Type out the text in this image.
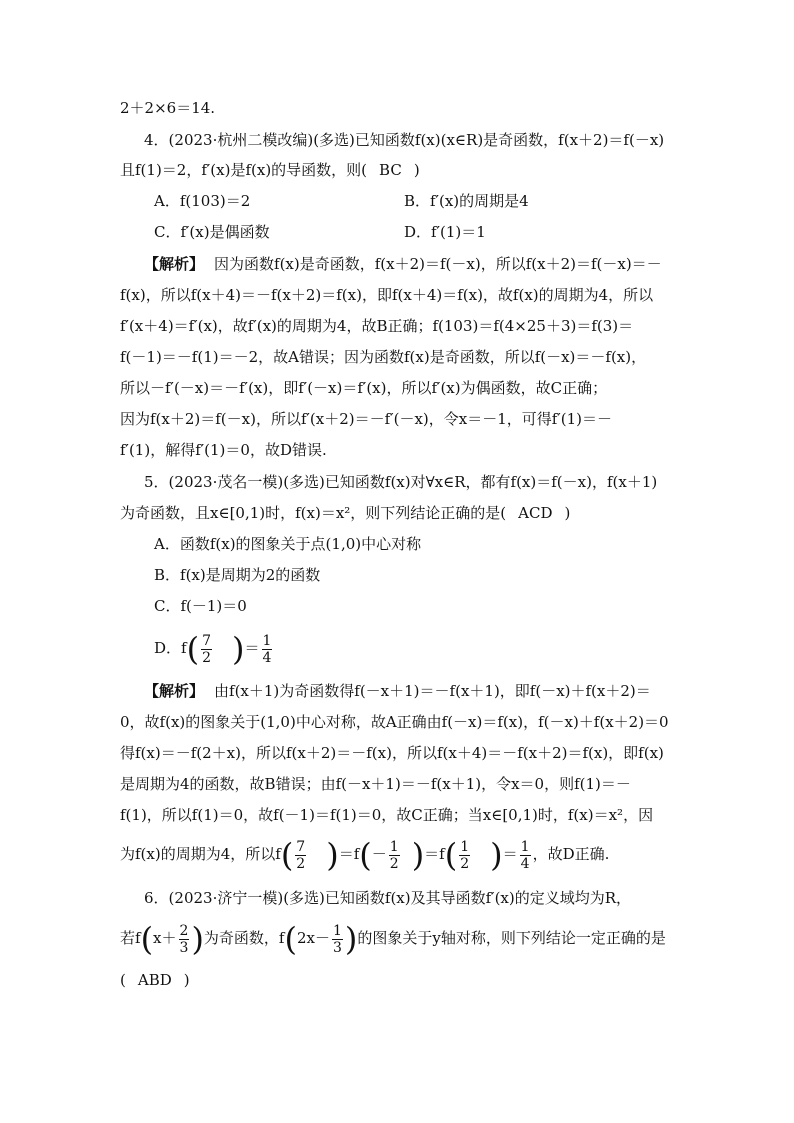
2＋2×6＝14.
4．(2023·杭州二模改编)(多选)已知函数f(x)(x∈R)是奇函数，f(x＋2)＝f(－x)
且f(1)＝2，f′(x)是f(x)的导函数，则( BC )
A．f(103)＝2	B．f′(x)的周期是4
C．f′(x)是偶函数	D．f′(1)＝1
【解析】 因为函数f(x)是奇函数，f(x＋2)＝f(－x)，所以f(x＋2)＝f(－x)＝－
f(x)，所以f(x＋4)＝－f(x＋2)＝f(x)，即f(x＋4)＝f(x)，故f(x)的周期为4，所以
f′(x＋4)＝f′(x)，故f′(x)的周期为4，故B正确；f(103)＝f(4×25＋3)＝f(3)＝
f(－1)＝－f(1)＝－2，故A错误；因为函数f(x)是奇函数，所以f(－x)＝－f(x)，
所以－f′(－x)＝－f′(x)，即f′(－x)＝f′(x)，所以f′(x)为偶函数，故C正确；
因为f(x＋2)＝f(－x)，所以f′(x＋2)＝－f′(－x)，令x＝－1，可得f′(1)＝－
f′(1)，解得f′(1)＝0，故D错误.
5．(2023·茂名一模)(多选)已知函数f(x)对∀x∈R，都有f(x)＝f(－x)，f(x＋1)
为奇函数，且x∈[0,1)时，f(x)＝x²，则下列结论正确的是( ACD )
A．函数f(x)的图象关于点(1,0)中心对称
B．f(x)是周期为2的函数
C．f(－1)＝0
D．$f( \frac{7}{2}$ )＝ $\frac{1}{4}$
【解析】 由f(x＋1)为奇函数得f(－x＋1)＝－f(x＋1)，即f(－x)＋f(x＋2)＝
0，故f(x)的图象关于(1,0)中心对称，故A正确由f(－x)＝f(x)，f(－x)＋f(x＋2)＝0
得f(x)＝－f(2＋x)，所以f(x＋2)＝－f(x)，所以f(x＋4)＝－f(x＋2)＝f(x)，即f(x)
是周期为4的函数，故B错误；由f(－x＋1)＝－f(x＋1)，令x＝0，则f(1)＝－
f(1)，所以f(1)＝0，故f(－1)＝f(1)＝0，故C正确；当x∈[0,1)时，f(x)＝x²，因
为f(x)的周期为4，所以$f( \frac{7}{2} )=f(- \frac{1}{2} )=f( \frac{1}{2}$ )＝ $\frac{1}{4}$ ，故D正确.
6．(2023·济宁一模)(多选)已知函数f(x)及其导函数f′(x)的定义域均为R，
若$f(x+ \frac{2}{3}$ )为奇函数，$f(2x- \frac{1}{3}$ )的图象关于y轴对称，则下列结论一定正确的是
( ABD )
